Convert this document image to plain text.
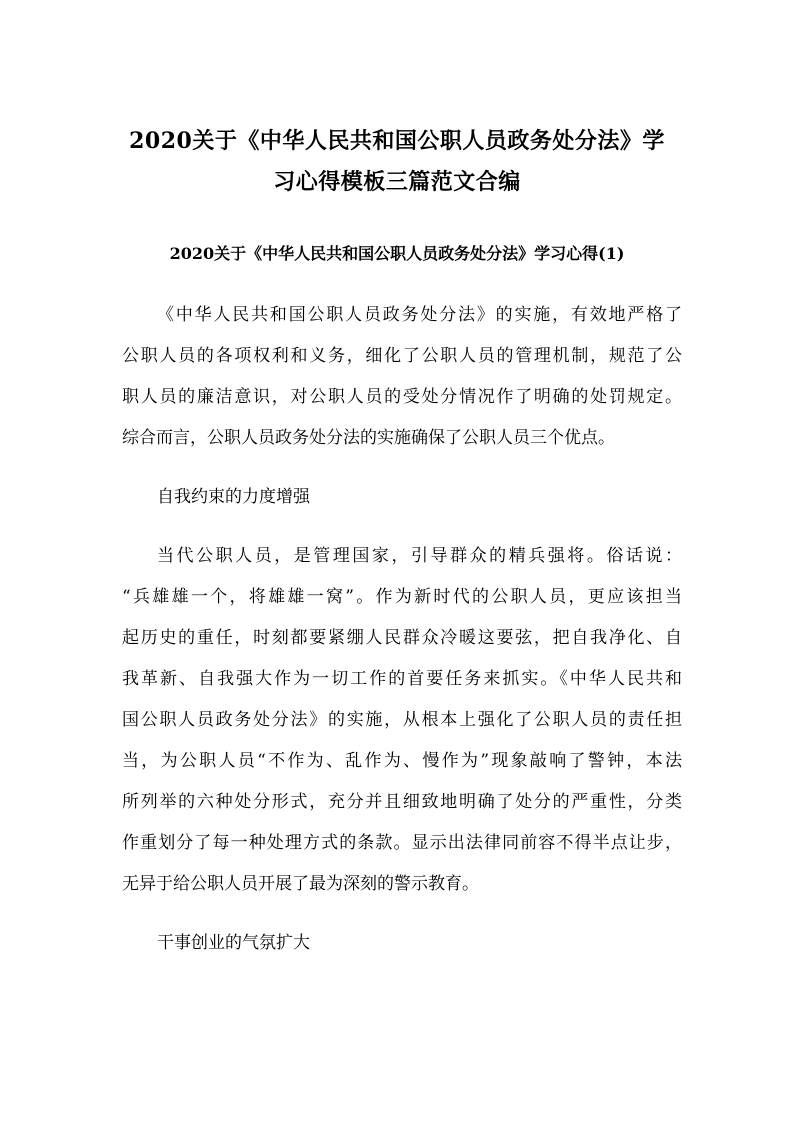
2020关于《中华人民共和国公职人员政务处分法》学
习心得模板三篇范文合编
2020关于《中华人民共和国公职人员政务处分法》学习心得(1)
《中华人民共和国公职人员政务处分法》的实施，有效地严格了
公职人员的各项权利和义务，细化了公职人员的管理机制，规范了公
职人员的廉洁意识，对公职人员的受处分情况作了明确的处罚规定。
综合而言，公职人员政务处分法的实施确保了公职人员三个优点。
自我约束的力度增强
当代公职人员，是管理国家，引导群众的精兵强将。俗话说：
“兵雄雄一个，将雄雄一窝”。作为新时代的公职人员，更应该担当
起历史的重任，时刻都要紧绷人民群众冷暖这要弦，把自我净化、自
我革新、自我强大作为一切工作的首要任务来抓实。《中华人民共和
国公职人员政务处分法》的实施，从根本上强化了公职人员的责任担
当，为公职人员“不作为、乱作为、慢作为”现象敲响了警钟，本法
所列举的六种处分形式，充分并且细致地明确了处分的严重性，分类
作重划分了每一种处理方式的条款。显示出法律同前容不得半点让步，
无异于给公职人员开展了最为深刻的警示教育。
干事创业的气氛扩大
